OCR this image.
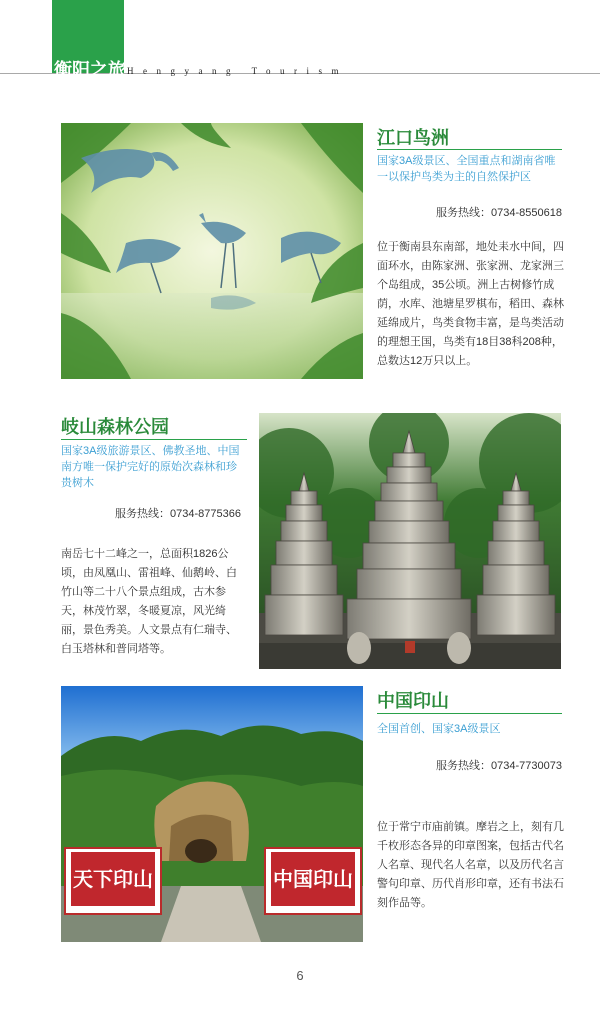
衡阳之旅 Hengyang Tourism
江口鸟洲
国家3A级景区、全国重点和湖南省唯一以保护鸟类为主的自然保护区
服务热线：0734-8550618
位于衡南县东南部，地处耒水中间，四面环水，由陈家洲、张家洲、龙家洲三个岛组成，35公顷。洲上古树修竹成荫，水库、池塘星罗棋布，稻田、森林延绵成片，鸟类食物丰富，是鸟类活动的理想王国，鸟类有18目38科208种，总数达12万只以上。
岐山森林公园
国家3A级旅游景区、佛教圣地、中国南方唯一保护完好的原始次森林和珍贵树木
服务热线：0734-8775366
南岳七十二峰之一，总面积1826公顷，由凤凰山、雷祖峰、仙鹅岭、白竹山等二十八个景点组成，古木参天，林茂竹翠，冬暖夏凉，风光绮丽，景色秀美。人文景点有仁瑞寺、白玉塔林和普同塔等。
天下印山	中国印山
中国印山
全国首创、国家3A级景区
服务热线：0734-7730073
位于常宁市庙前镇。摩岩之上，刻有几千枚形态各异的印章图案，包括古代名人名章、现代名人名章，以及历代名言警句印章、历代肖形印章，还有书法石刻作品等。
6
